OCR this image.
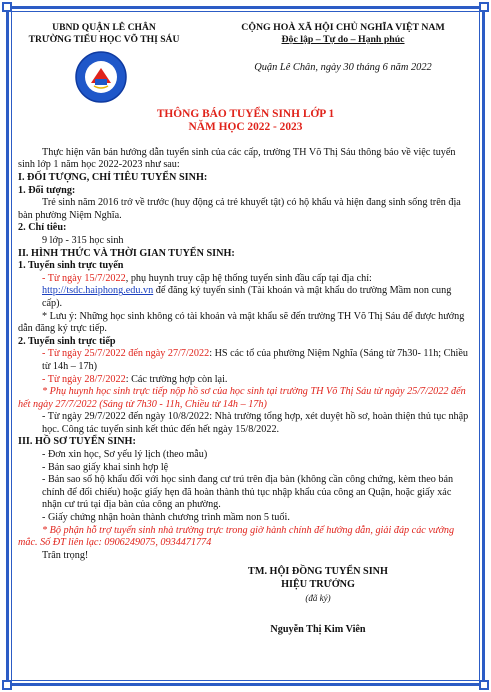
UBND QUẬN LÊ CHÂN
TRƯỜNG TIỂU HỌC VÕ THỊ SÁU
CỘNG HOÀ XÃ HỘI CHỦ NGHĨA VIỆT NAM
Độc lập – Tự do – Hạnh phúc
Quận Lê Chân, ngày 30 tháng 6 năm 2022
THÔNG BÁO TUYỂN SINH LỚP 1
NĂM HỌC 2022 - 2023

Thực hiện văn bản hướng dẫn tuyển sinh của các cấp, trường TH Võ Thị Sáu thông báo về việc tuyển sinh lớp 1 năm học 2022-2023 như sau:

I. ĐỐI TƯỢNG, CHỈ TIÊU TUYỂN SINH:

1. Đối tượng:

Trẻ sinh năm 2016 trở về trước (huy động cả trẻ khuyết tật) có hộ khẩu và hiện đang sinh sống trên địa bàn phường Niệm Nghĩa.

2. Chỉ tiêu:

9 lớp - 315 học sinh

II. HÌNH THỨC VÀ THỜI GIAN TUYỂN SINH:

1. Tuyển sinh trực tuyến

- Từ ngày 15/7/2022, phụ huynh truy cập hệ thống tuyển sinh đầu cấp tại địa chỉ: http://tsdc.haiphong.edu.vn để đăng ký tuyển sinh (Tài khoản và mật khẩu do trường Mầm non cung cấp).

* Lưu ý: Những học sinh không có tài khoản và mật khẩu sẽ đến trường TH Võ Thị Sáu để được hướng dẫn đăng ký trực tiếp.

2. Tuyển sinh trực tiếp

- Từ ngày 25/7/2022 đến ngày 27/7/2022: HS các tổ của phường Niệm Nghĩa (Sáng từ 7h30- 11h; Chiều từ 14h – 17h)

- Từ ngày 28/7/2022: Các trường hợp còn lại.

* Phụ huynh học sinh trực tiếp nộp hồ sơ của học sinh tại trường TH Võ Thị Sáu từ ngày 25/7/2022 đến hết ngày 27/7/2022 (Sáng từ 7h30 - 11h, Chiều từ 14h – 17h)

- Từ ngày 29/7/2022 đến ngày 10/8/2022: Nhà trường tổng hợp, xét duyệt hồ sơ, hoàn thiện thủ tục nhập học. Công tác tuyển sinh kết thúc đến hết ngày 15/8/2022.

III. HỒ SƠ TUYỂN SINH:

- Đơn xin học, Sơ yếu lý lịch (theo mẫu)

- Bản sao giấy khai sinh hợp lệ

- Bản sao sổ hộ khẩu đối với học sinh đang cư trú trên địa bàn (không cần công chứng, kèm theo bản chính để đối chiếu) hoặc giấy hẹn đã hoàn thành thủ tục nhập khẩu của công an Quận, hoặc giấy xác nhận cư trú tại địa bàn của công an phường.

- Giấy chứng nhận hoàn thành chương trình mầm non 5 tuổi.

* Bộ phận hỗ trợ tuyển sinh nhà trường trực trong giờ hành chính để hướng dẫn, giải đáp các vướng mắc. Số ĐT liên lạc: 0906249075, 0934471774

Trân trọng!

TM. HỘI ĐỒNG TUYỂN SINH
HIỆU TRƯỞNG
(đã ký)
Nguyễn Thị Kim Viên
